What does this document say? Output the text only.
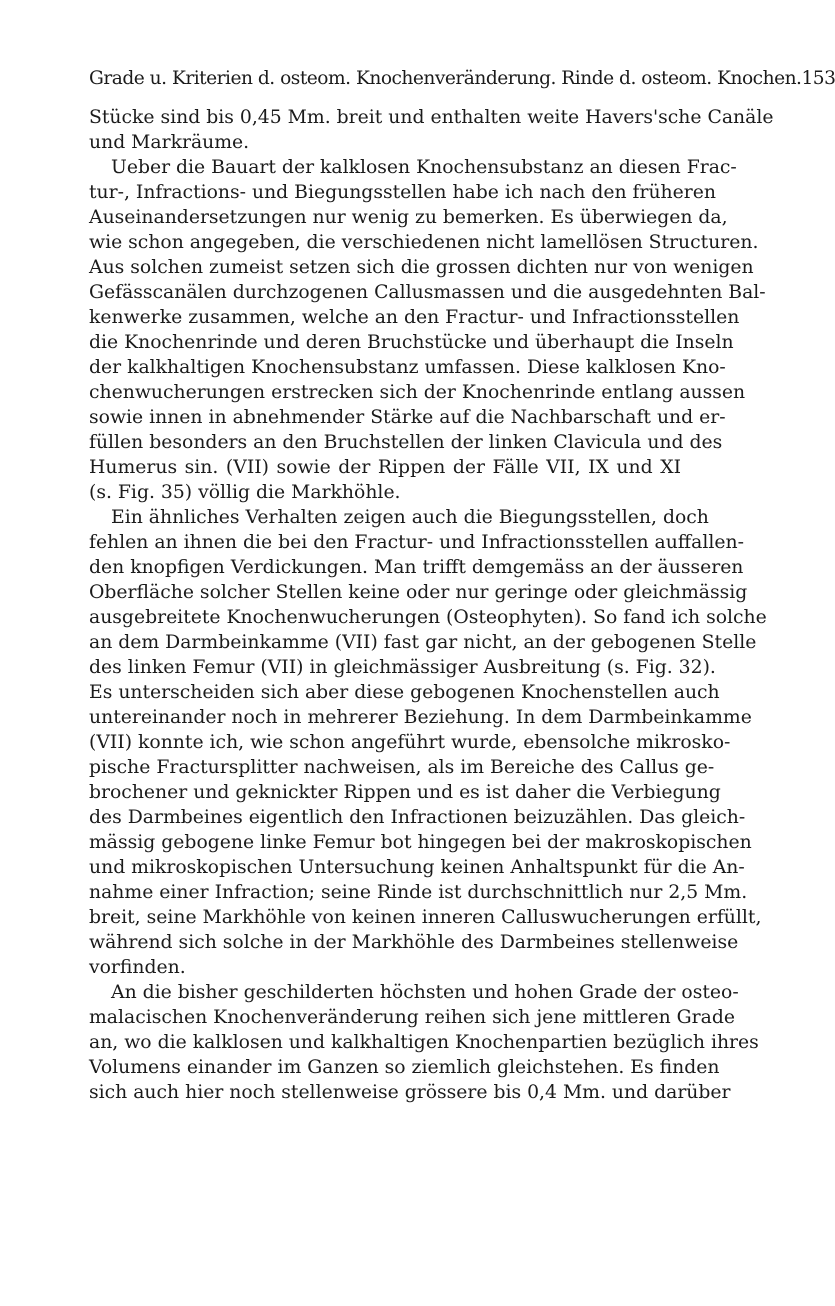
Grade u. Kriterien d. osteom. Knochenveränderung. Rinde d. osteom. Knochen. 153
Stücke sind bis 0,45 Mm. breit und enthalten weite Havers'sche Canäle
und Markräume.
Ueber die Bauart der kalklosen Knochensubstanz an diesen Frac-
tur-, Infractions- und Biegungsstellen habe ich nach den früheren
Auseinandersetzungen nur wenig zu bemerken. Es überwiegen da,
wie schon angegeben, die verschiedenen nicht lamellösen Structuren.
Aus solchen zumeist setzen sich die grossen dichten nur von wenigen
Gefässcanälen durchzogenen Callusmassen und die ausgedehnten Bal-
kenwerke zusammen, welche an den Fractur- und Infractionsstellen
die Knochenrinde und deren Bruchstücke und überhaupt die Inseln
der kalkhaltigen Knochensubstanz umfassen. Diese kalklosen Kno-
chenwucherungen erstrecken sich der Knochenrinde entlang aussen
sowie innen in abnehmender Stärke auf die Nachbarschaft und er-
füllen besonders an den Bruchstellen der linken Clavicula und des
Humerus sin. (VII) sowie der Rippen der Fälle VII, IX und XI
(s. Fig. 35) völlig die Markhöhle.
Ein ähnliches Verhalten zeigen auch die Biegungsstellen, doch
fehlen an ihnen die bei den Fractur- und Infractionsstellen auffallen-
den knopfigen Verdickungen. Man trifft demgemäss an der äusseren
Oberfläche solcher Stellen keine oder nur geringe oder gleichmässig
ausgebreitete Knochenwucherungen (Osteophyten). So fand ich solche
an dem Darmbeinkamme (VII) fast gar nicht, an der gebogenen Stelle
des linken Femur (VII) in gleichmässiger Ausbreitung (s. Fig. 32).
Es unterscheiden sich aber diese gebogenen Knochenstellen auch
untereinander noch in mehrerer Beziehung. In dem Darmbeinkamme
(VII) konnte ich, wie schon angeführt wurde, ebensolche mikrosko-
pische Fractursplitter nachweisen, als im Bereiche des Callus ge-
brochener und geknickter Rippen und es ist daher die Verbiegung
des Darmbeines eigentlich den Infractionen beizuzählen. Das gleich-
mässig gebogene linke Femur bot hingegen bei der makroskopischen
und mikroskopischen Untersuchung keinen Anhaltspunkt für die An-
nahme einer Infraction; seine Rinde ist durchschnittlich nur 2,5 Mm.
breit, seine Markhöhle von keinen inneren Calluswucherungen erfüllt,
während sich solche in der Markhöhle des Darmbeines stellenweise
vorfinden.
An die bisher geschilderten höchsten und hohen Grade der osteo-
malacischen Knochenveränderung reihen sich jene mittleren Grade
an, wo die kalklosen und kalkhaltigen Knochenpartien bezüglich ihres
Volumens einander im Ganzen so ziemlich gleichstehen. Es finden
sich auch hier noch stellenweise grössere bis 0,4 Mm. und darüber
